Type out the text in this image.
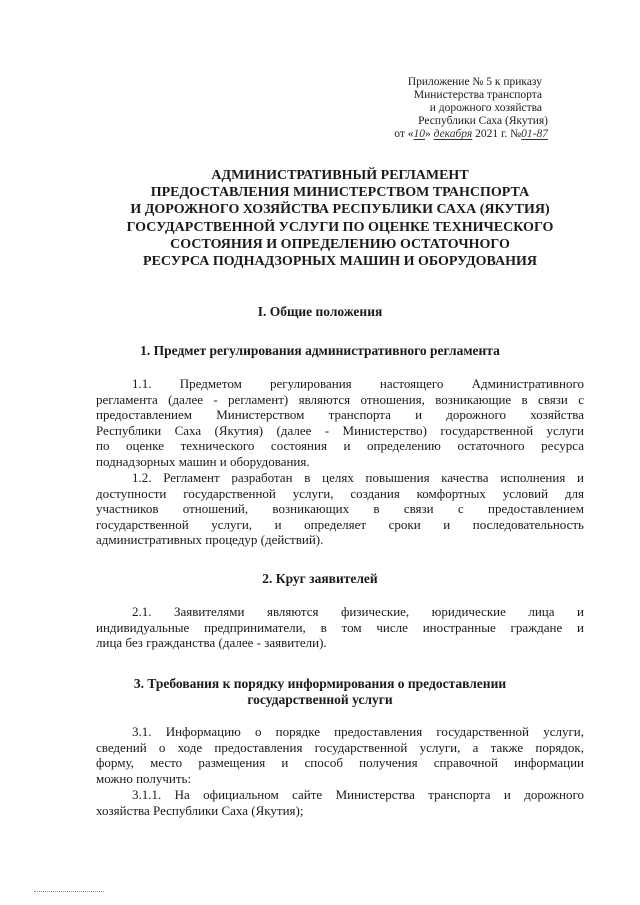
Приложение № 5 к приказу
Министерства транспорта
и дорожного хозяйства
Республики Саха (Якутия)
от «10» декабря 2021 г. №01-87
АДМИНИСТРАТИВНЫЙ РЕГЛАМЕНТ
ПРЕДОСТАВЛЕНИЯ МИНИСТЕРСТВОМ ТРАНСПОРТА
И ДОРОЖНОГО ХОЗЯЙСТВА РЕСПУБЛИКИ САХА (ЯКУТИЯ)
ГОСУДАРСТВЕННОЙ УСЛУГИ ПО ОЦЕНКЕ ТЕХНИЧЕСКОГО
СОСТОЯНИЯ И ОПРЕДЕЛЕНИЮ ОСТАТОЧНОГО
РЕСУРСА ПОДНАДЗОРНЫХ МАШИН И ОБОРУДОВАНИЯ
I. Общие положения
1. Предмет регулирования административного регламента
1.1. Предметом регулирования настоящего Административного
регламента (далее - регламент) являются отношения, возникающие в связи с
предоставлением Министерством транспорта и дорожного хозяйства
Республики Саха (Якутия) (далее - Министерство) государственной услуги
по оценке технического состояния и определению остаточного ресурса
поднадзорных машин и оборудования.
1.2. Регламент разработан в целях повышения качества исполнения и
доступности государственной услуги, создания комфортных условий для
участников отношений, возникающих в связи с предоставлением
государственной услуги, и определяет сроки и последовательность
административных процедур (действий).
2. Круг заявителей
2.1. Заявителями являются физические, юридические лица и
индивидуальные предприниматели, в том числе иностранные граждане и
лица без гражданства (далее - заявители).
3. Требования к порядку информирования о предоставлении
государственной услуги
3.1. Информацию о порядке предоставления государственной услуги,
сведений о ходе предоставления государственной услуги, а также порядок,
форму, место размещения и способ получения справочной информации
можно получить:
3.1.1. На официальном сайте Министерства транспорта и дорожного
хозяйства Республики Саха (Якутия);
